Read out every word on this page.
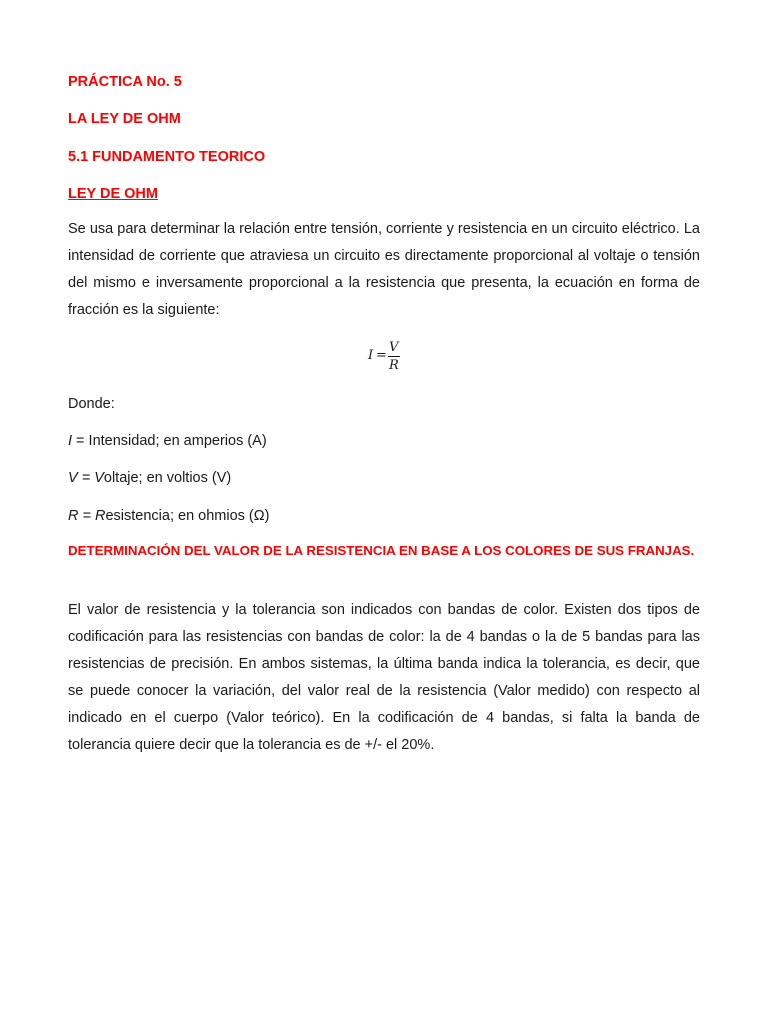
PRÁCTICA No. 5
LA LEY DE OHM
5.1 FUNDAMENTO TEORICO
LEY DE OHM

Se usa para determinar la relación entre tensión, corriente y resistencia en un circuito eléctrico. La intensidad de corriente que atraviesa un circuito es directamente proporcional al voltaje o tensión del mismo e inversamente proporcional a la resistencia que presenta, la ecuación en forma de fracción es la siguiente:

I =
V
R
Donde:
I = Intensidad; en amperios (A)
V = Voltaje; en voltios (V)
R = Resistencia; en ohmios (Ω)

DETERMINACIÓN DEL VALOR DE LA RESISTENCIA EN BASE A LOS COLORES DE SUS FRANJAS.

El valor de resistencia y la tolerancia son indicados con bandas de color. Existen dos tipos de codificación para las resistencias con bandas de color: la de 4 bandas o la de 5 bandas para las resistencias de precisión. En ambos sistemas, la última banda indica la tolerancia, es decir, que se puede conocer la variación, del valor real de la resistencia (Valor medido) con respecto al indicado en el cuerpo (Valor teórico). En la codificación de 4 bandas, si falta la banda de tolerancia quiere decir que la tolerancia es de +/- el 20%.
